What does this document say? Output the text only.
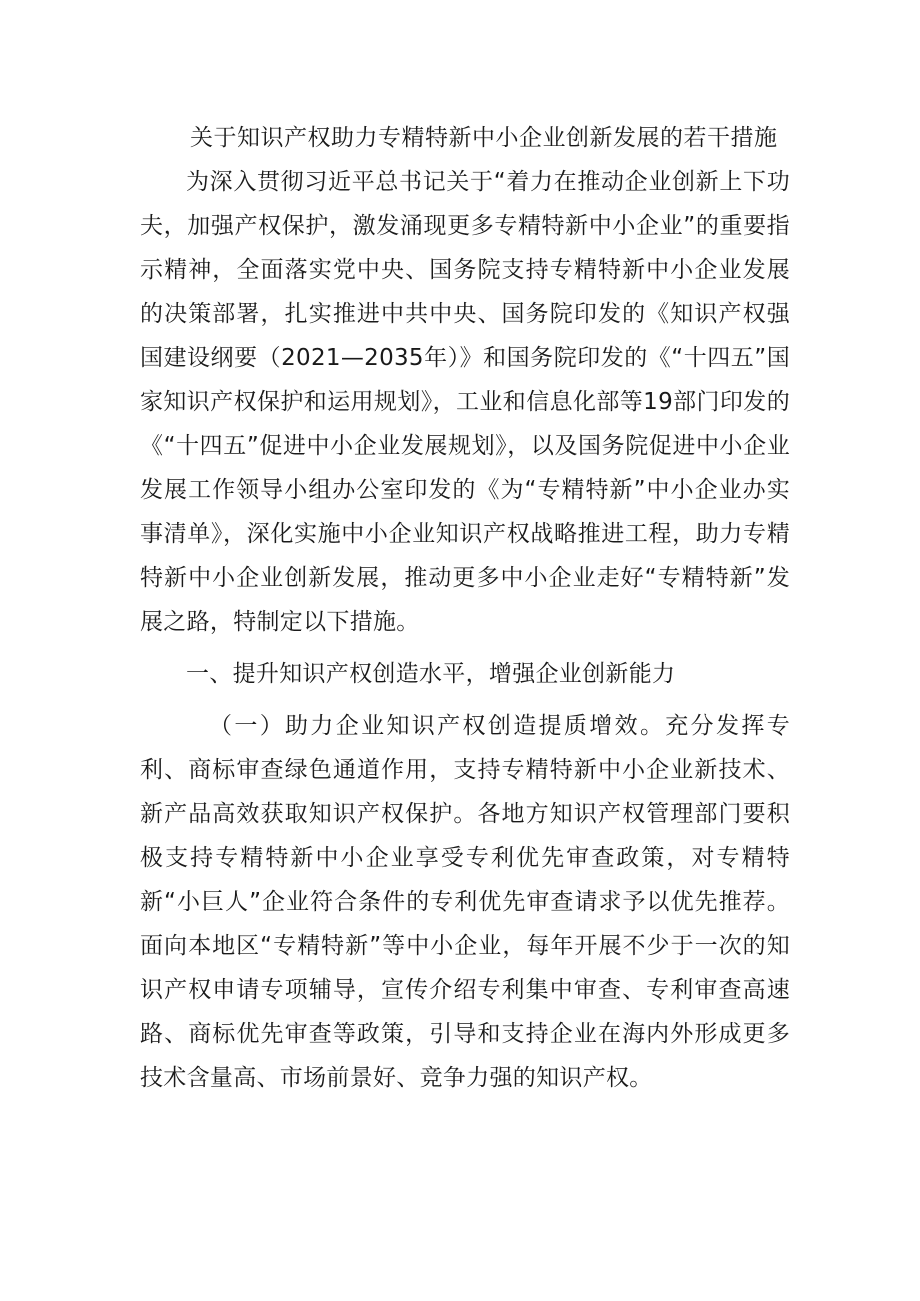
关于知识产权助力专精特新中小企业创新发展的若干措施

为深入贯彻习近平总书记关于“着力在推动企业创新上下功夫，加强产权保护，激发涌现更多专精特新中小企业”的重要指示精神，全面落实党中央、国务院支持专精特新中小企业发展的决策部署，扎实推进中共中央、国务院印发的《知识产权强国建设纲要（2021—2035年）》和国务院印发的《“十四五”国家知识产权保护和运用规划》，工业和信息化部等19部门印发的《“十四五”促进中小企业发展规划》，以及国务院促进中小企业发展工作领导小组办公室印发的《为“专精特新”中小企业办实事清单》，深化实施中小企业知识产权战略推进工程，助力专精特新中小企业创新发展，推动更多中小企业走好“专精特新”发展之路，特制定以下措施。

一、提升知识产权创造水平，增强企业创新能力

（一）助力企业知识产权创造提质增效。充分发挥专利、商标审查绿色通道作用，支持专精特新中小企业新技术、新产品高效获取知识产权保护。各地方知识产权管理部门要积极支持专精特新中小企业享受专利优先审查政策，对专精特新“小巨人”企业符合条件的专利优先审查请求予以优先推荐。面向本地区“专精特新”等中小企业，每年开展不少于一次的知识产权申请专项辅导，宣传介绍专利集中审查、专利审查高速路、商标优先审查等政策，引导和支持企业在海内外形成更多技术含量高、市场前景好、竞争力强的知识产权。
